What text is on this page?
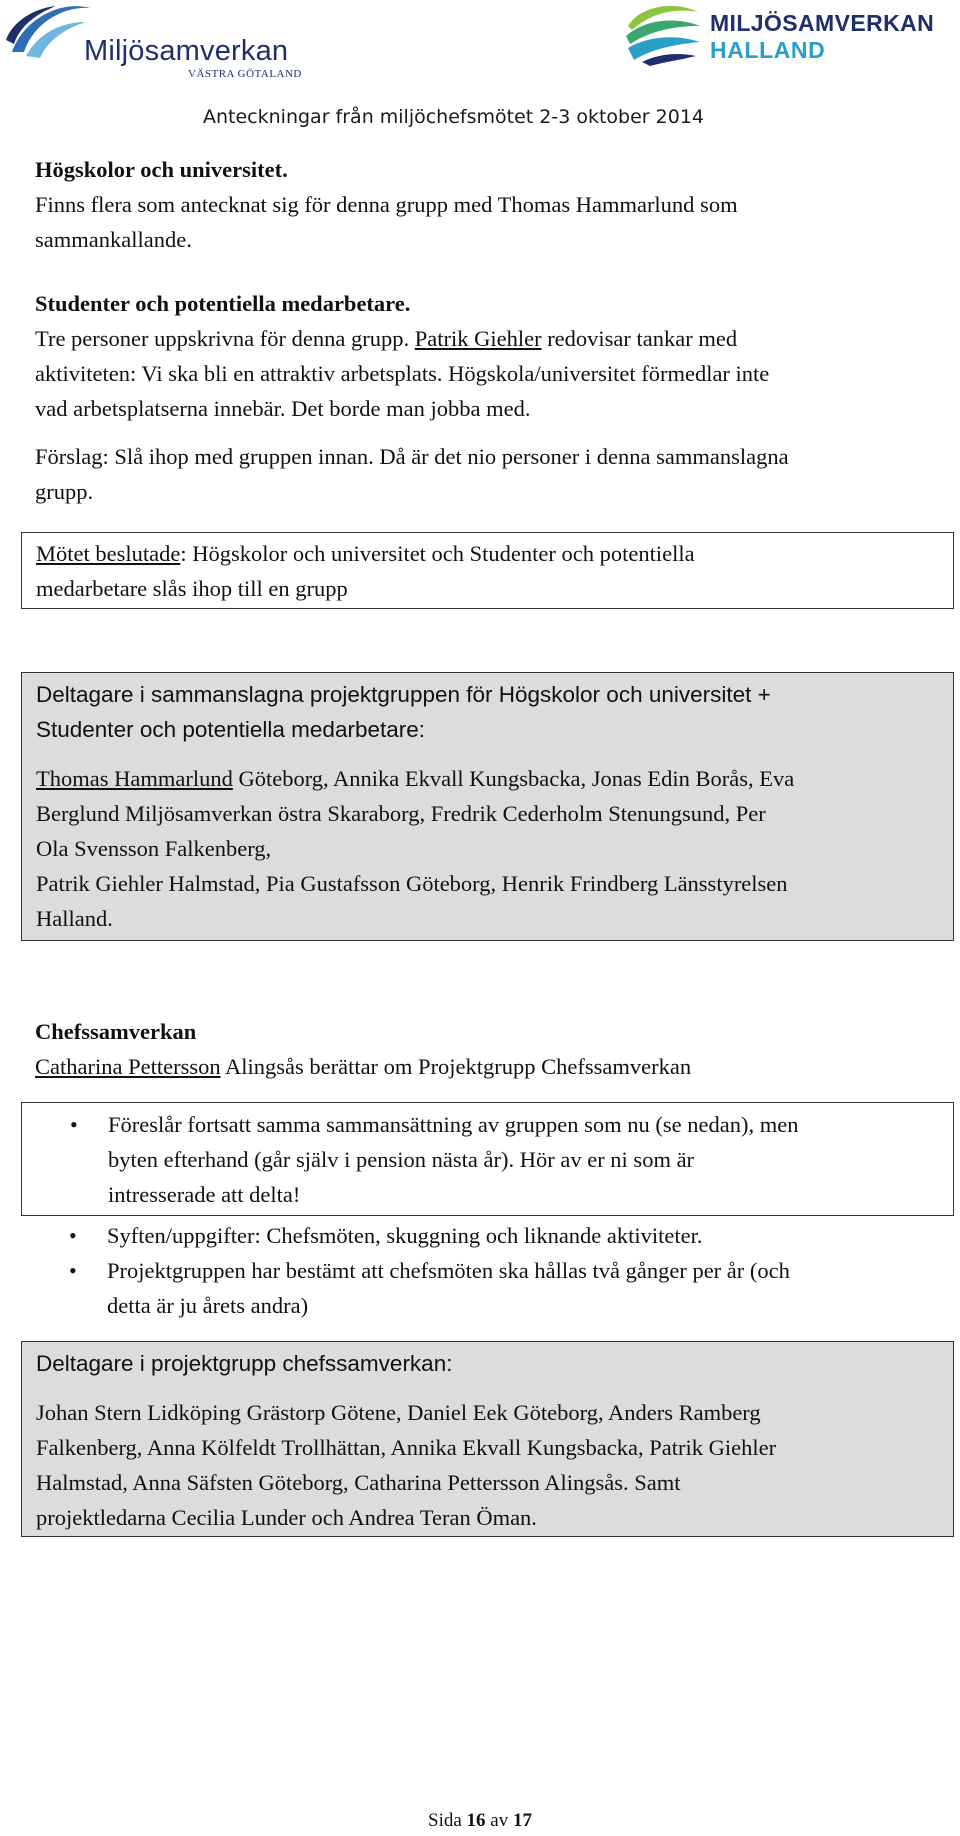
Miljösamverkan
VÄSTRA GÖTALAND
MILJÖSAMVERKAN
HALLAND
Anteckningar från miljöchefsmötet 2-3 oktober 2014
Högskolor och universitet.
Finns flera som antecknat sig för denna grupp med Thomas Hammarlund som
sammankallande.
Studenter och potentiella medarbetare.
Tre personer uppskrivna för denna grupp. Patrik Giehler redovisar tankar med
aktiviteten: Vi ska bli en attraktiv arbetsplats. Högskola/universitet förmedlar inte
vad arbetsplatserna innebär. Det borde man jobba med.
Förslag: Slå ihop med gruppen innan. Då är det nio personer i denna sammanslagna
grupp.
Mötet beslutade: Högskolor och universitet och Studenter och potentiella
medarbetare slås ihop till en grupp
Deltagare i sammanslagna projektgruppen för Högskolor och universitet +
Studenter och potentiella medarbetare:
Thomas Hammarlund Göteborg, Annika Ekvall Kungsbacka, Jonas Edin Borås, Eva
Berglund Miljösamverkan östra Skaraborg, Fredrik Cederholm Stenungsund, Per
Ola Svensson Falkenberg,
Patrik Giehler Halmstad, Pia Gustafsson Göteborg, Henrik Frindberg Länsstyrelsen
Halland.
Chefssamverkan
Catharina Pettersson Alingsås berättar om Projektgrupp Chefssamverkan
• Föreslår fortsatt samma sammansättning av gruppen som nu (se nedan), men
byten efterhand (går själv i pension nästa år). Hör av er ni som är
intresserade att delta!
• Syften/uppgifter: Chefsmöten, skuggning och liknande aktiviteter.
• Projektgruppen har bestämt att chefsmöten ska hållas två gånger per år (och
detta är ju årets andra)
Deltagare i projektgrupp chefssamverkan:
Johan Stern Lidköping Grästorp Götene, Daniel Eek Göteborg, Anders Ramberg
Falkenberg, Anna Kölfeldt Trollhättan, Annika Ekvall Kungsbacka, Patrik Giehler
Halmstad, Anna Säfsten Göteborg, Catharina Pettersson Alingsås. Samt
projektledarna Cecilia Lunder och Andrea Teran Öman.
Sida 16 av 17
